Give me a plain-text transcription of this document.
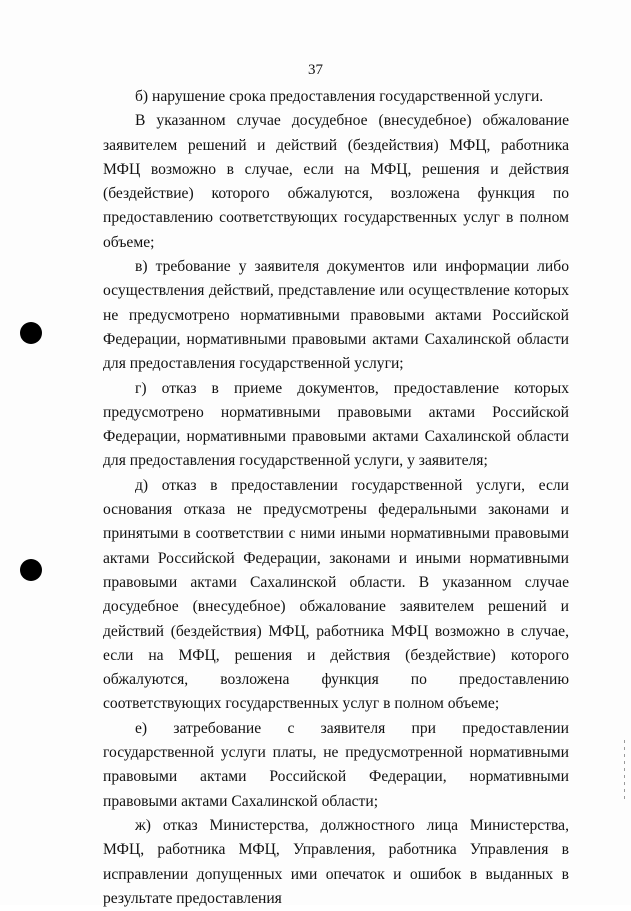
37

б) нарушение срока предоставления государственной услуги.

В указанном случае досудебное (внесудебное) обжалование заявителем решений и действий (бездействия) МФЦ, работника МФЦ возможно в случае, если на МФЦ, решения и действия (бездействие) которого обжалуются, возложена функция по предоставлению соответствующих государственных услуг в полном объеме;

в) требование у заявителя документов или информации либо осуществления действий, представление или осуществление которых не предусмотрено нормативными правовыми актами Российской Федерации, нормативными правовыми актами Сахалинской области для предоставления государственной услуги;

г) отказ в приеме документов, предоставление которых предусмотрено нормативными правовыми актами Российской Федерации, нормативными правовыми актами Сахалинской области для предоставления государственной услуги, у заявителя;

д) отказ в предоставлении государственной услуги, если основания отказа не предусмотрены федеральными законами и принятыми в соответствии с ними иными нормативными правовыми актами Российской Федерации, законами и иными нормативными правовыми актами Сахалинской области. В указанном случае досудебное (внесудебное) обжалование заявителем решений и действий (бездействия) МФЦ, работника МФЦ возможно в случае, если на МФЦ, решения и действия (бездействие) которого обжалуются, возложена функция по предоставлению соответствующих государственных услуг в полном объеме;

е) затребование с заявителя при предоставлении государственной услуги платы, не предусмотренной нормативными правовыми актами Российской Федерации, нормативными правовыми актами Сахалинской области;

ж) отказ Министерства, должностного лица Министерства, МФЦ, работника МФЦ, Управления, работника Управления в исправлении допущенных ими опечаток и ошибок в выданных в результате предоставления
